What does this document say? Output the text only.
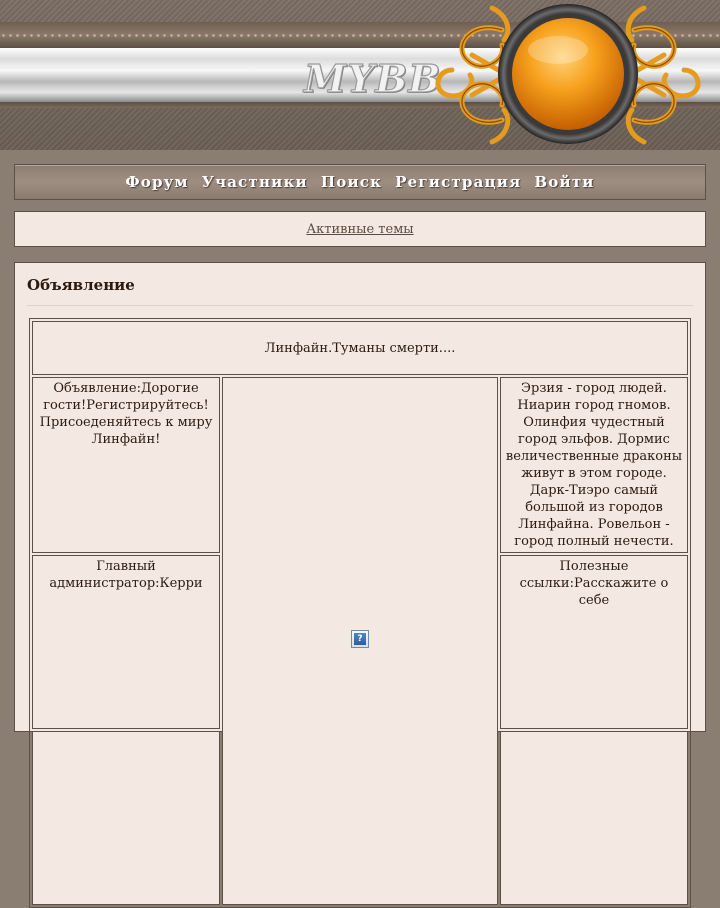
MYBB
Форум Участники Поиск Регистрация Войти
Активные темы
Объявление
Линфайн.Туманы смерти....		
Объявление:Дорогие гости!Регистрируйтесь! Присоеденяйтесь к миру Линфайн!	?	Эрзия - город людей. Ниарин город гномов. Олинфия чудестный город эльфов. Дормис величественные драконы живут в этом городе. Дарк-Тиэро самый большой из городов Линфайна. Ровельон - город полный нечести.
Главный администратор:Керри		Полезные ссылки:Расскажите о себе
